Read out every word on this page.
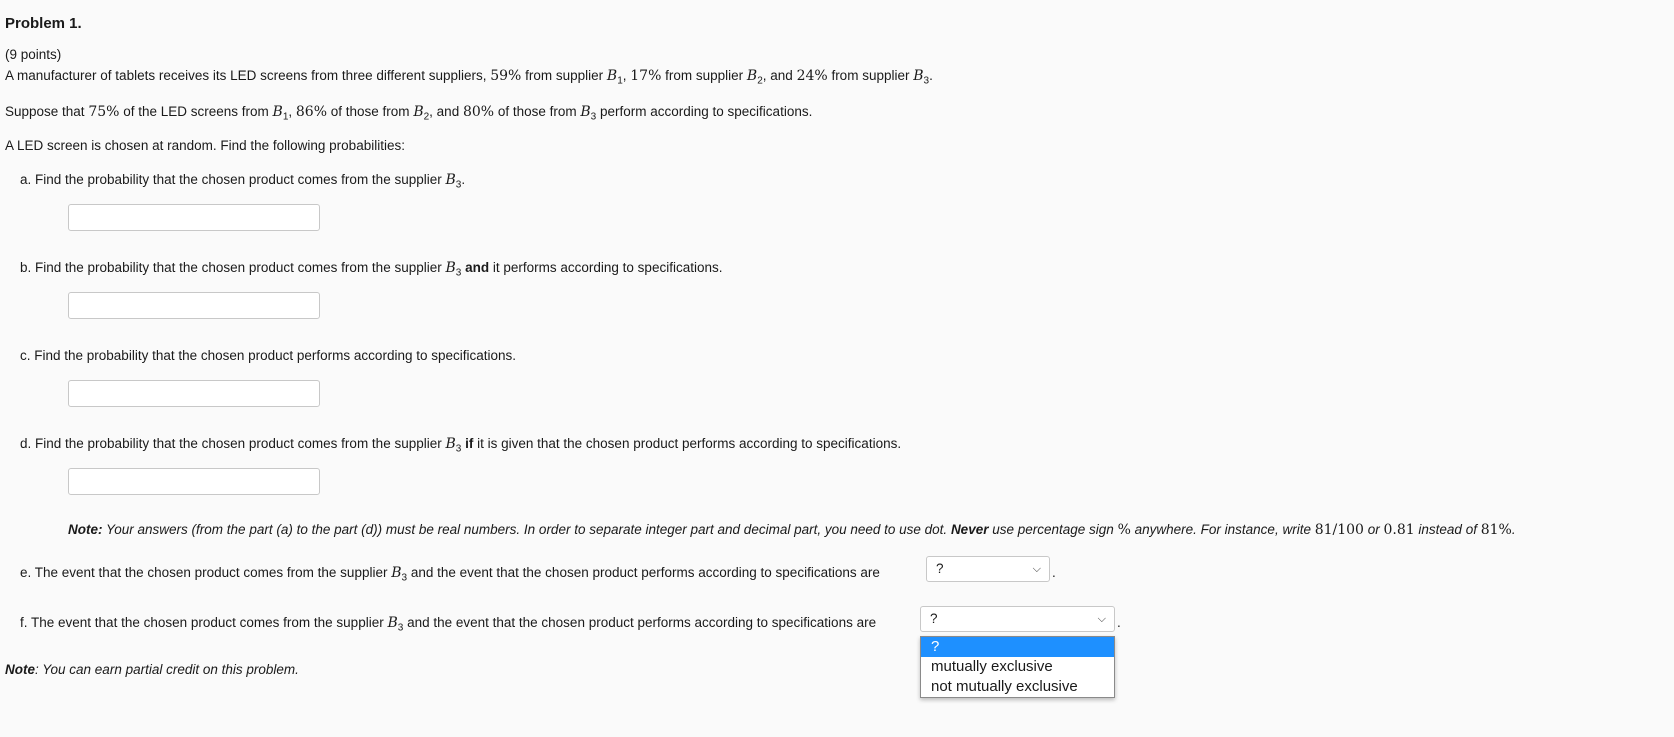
Problem 1.
(9 points)
A manufacturer of tablets receives its LED screens from three different suppliers, 59% from supplier $B_1$, 17% from supplier $B_2$, and 24% from supplier $B_3$.
Suppose that 75% of the LED screens from $B_1$, 86% of those from $B_2$, and 80% of those from $B_3$ perform according to specifications.
A LED screen is chosen at random. Find the following probabilities:
a. Find the probability that the chosen product comes from the supplier $B_3$.
b. Find the probability that the chosen product comes from the supplier $B_3$ and it performs according to specifications.
c. Find the probability that the chosen product performs according to specifications.
d. Find the probability that the chosen product comes from the supplier $B_3$ if it is given that the chosen product performs according to specifications.
Note: Your answers (from the part (a) to the part (d)) must be real numbers. In order to separate integer part and decimal part, you need to use dot. Never use percentage sign % anywhere. For instance, write 81/100 or 0.81 instead of 81%.
e. The event that the chosen product comes from the supplier $B_3$ and the event that the chosen product performs according to specifications are	?	⌵ .
f. The event that the chosen product comes from the supplier $B_3$ and the event that the chosen product performs according to specifications are	?	⌵ .
?
mutually exclusive
not mutually exclusive
Note: You can earn partial credit on this problem.
